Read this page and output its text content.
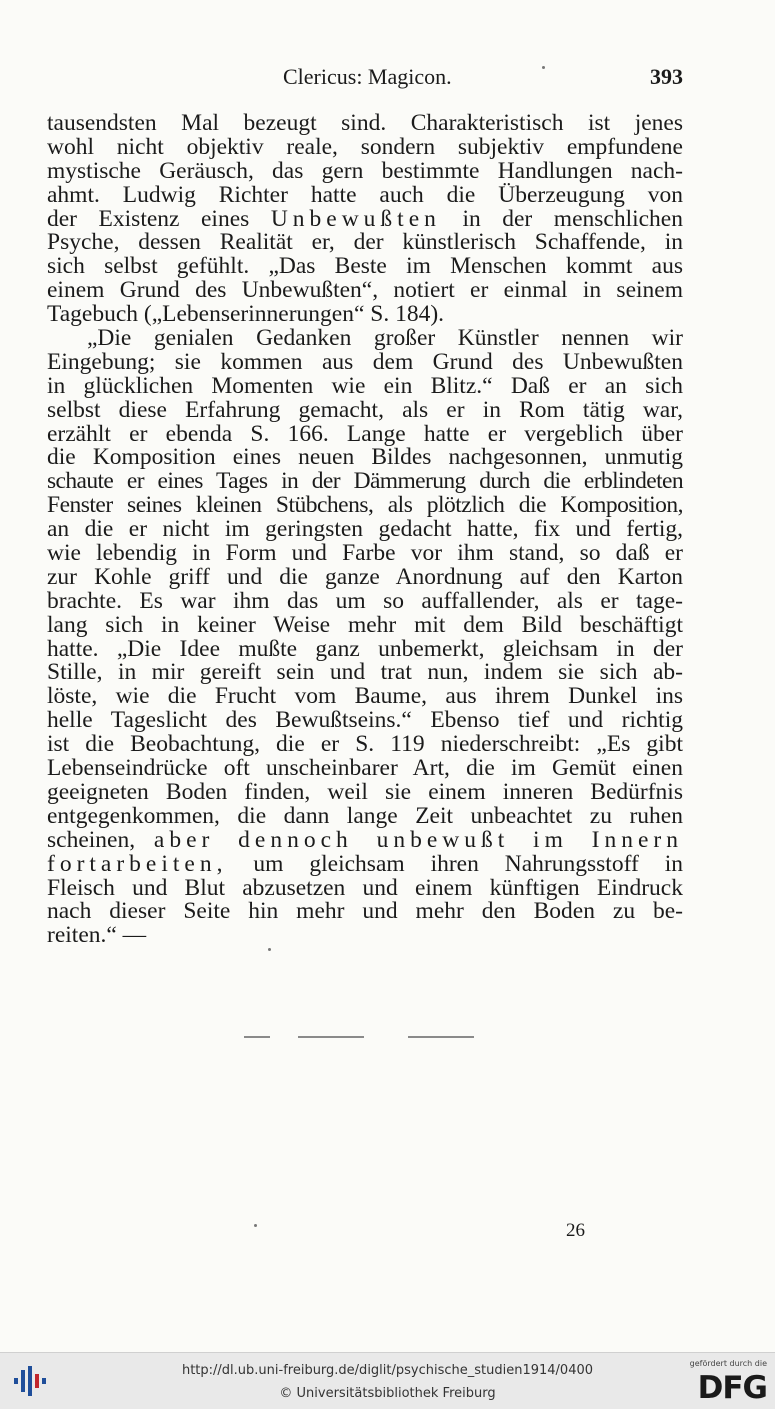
Clericus: Magicon.	393
tausendsten Mal bezeugt sind. Charakteristisch ist jenes
wohl nicht objektiv reale, sondern subjektiv empfundene
mystische Geräusch, das gern bestimmte Handlungen nach-
ahmt. Ludwig Richter hatte auch die Überzeugung von
der Existenz eines Unbewußten in der menschlichen
Psyche, dessen Realität er, der künstlerisch Schaffende, in
sich selbst gefühlt. „Das Beste im Menschen kommt aus
einem Grund des Unbewußten“, notiert er einmal in seinem
Tagebuch („Lebenserinnerungen“ S. 184).
„Die genialen Gedanken großer Künstler nennen wir
Eingebung; sie kommen aus dem Grund des Unbewußten
in glücklichen Momenten wie ein Blitz.“ Daß er an sich
selbst diese Erfahrung gemacht, als er in Rom tätig war,
erzählt er ebenda S. 166. Lange hatte er vergeblich über
die Komposition eines neuen Bildes nachgesonnen, unmutig
schaute er eines Tages in der Dämmerung durch die erblindeten
Fenster seines kleinen Stübchens, als plötzlich die Komposition,
an die er nicht im geringsten gedacht hatte, fix und fertig,
wie lebendig in Form und Farbe vor ihm stand, so daß er
zur Kohle griff und die ganze Anordnung auf den Karton
brachte. Es war ihm das um so auffallender, als er tage-
lang sich in keiner Weise mehr mit dem Bild beschäftigt
hatte. „Die Idee mußte ganz unbemerkt, gleichsam in der
Stille, in mir gereift sein und trat nun, indem sie sich ab-
löste, wie die Frucht vom Baume, aus ihrem Dunkel ins
helle Tageslicht des Bewußtseins.“ Ebenso tief und richtig
ist die Beobachtung, die er S. 119 niederschreibt: „Es gibt
Lebenseindrücke oft unscheinbarer Art, die im Gemüt einen
geeigneten Boden finden, weil sie einem inneren Bedürfnis
entgegenkommen, die dann lange Zeit unbeachtet zu ruhen
scheinen, aber dennoch unbewußt im Innern
fortarbeiten, um gleichsam ihren Nahrungsstoff in
Fleisch und Blut abzusetzen und einem künftigen Eindruck
nach dieser Seite hin mehr und mehr den Boden zu be-
reiten.“ —
26
http://dl.ub.uni-freiburg.de/diglit/psychische_studien1914/0400
© Universitätsbibliothek Freiburg
gefördert durch die
DFG
